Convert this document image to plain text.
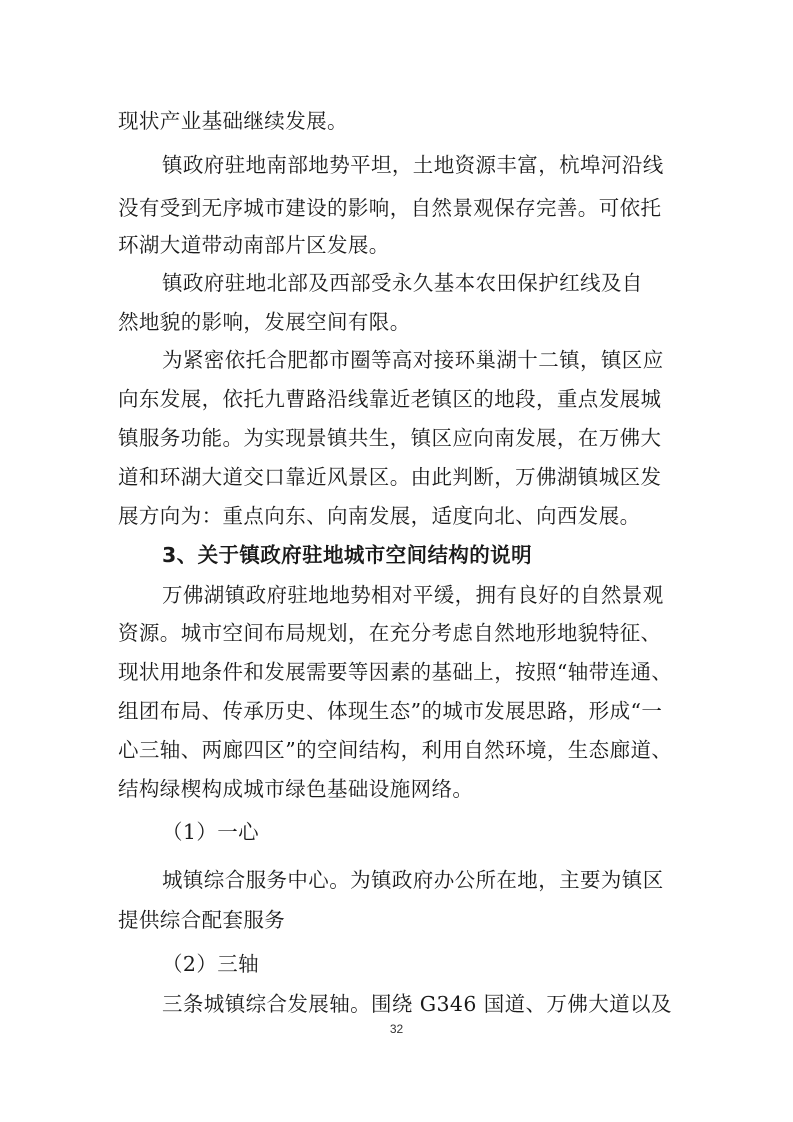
现状产业基础继续发展。
镇政府驻地南部地势平坦，土地资源丰富，杭埠河沿线
没有受到无序城市建设的影响，自然景观保存完善。可依托
环湖大道带动南部片区发展。
镇政府驻地北部及西部受永久基本农田保护红线及自
然地貌的影响，发展空间有限。
为紧密依托合肥都市圈等高对接环巢湖十二镇，镇区应
向东发展，依托九曹路沿线靠近老镇区的地段，重点发展城
镇服务功能。为实现景镇共生，镇区应向南发展，在万佛大
道和环湖大道交口靠近风景区。由此判断，万佛湖镇城区发
展方向为：重点向东、向南发展，适度向北、向西发展。
3、关于镇政府驻地城市空间结构的说明
万佛湖镇政府驻地地势相对平缓，拥有良好的自然景观
资源。城市空间布局规划，在充分考虑自然地形地貌特征、
现状用地条件和发展需要等因素的基础上，按照“轴带连通、
组团布局、传承历史、体现生态”的城市发展思路，形成“一
心三轴、两廊四区”的空间结构，利用自然环境，生态廊道、
结构绿楔构成城市绿色基础设施网络。
（1）一心
城镇综合服务中心。为镇政府办公所在地，主要为镇区
提供综合配套服务
（2）三轴
三条城镇综合发展轴。围绕 G346 国道、万佛大道以及
32
